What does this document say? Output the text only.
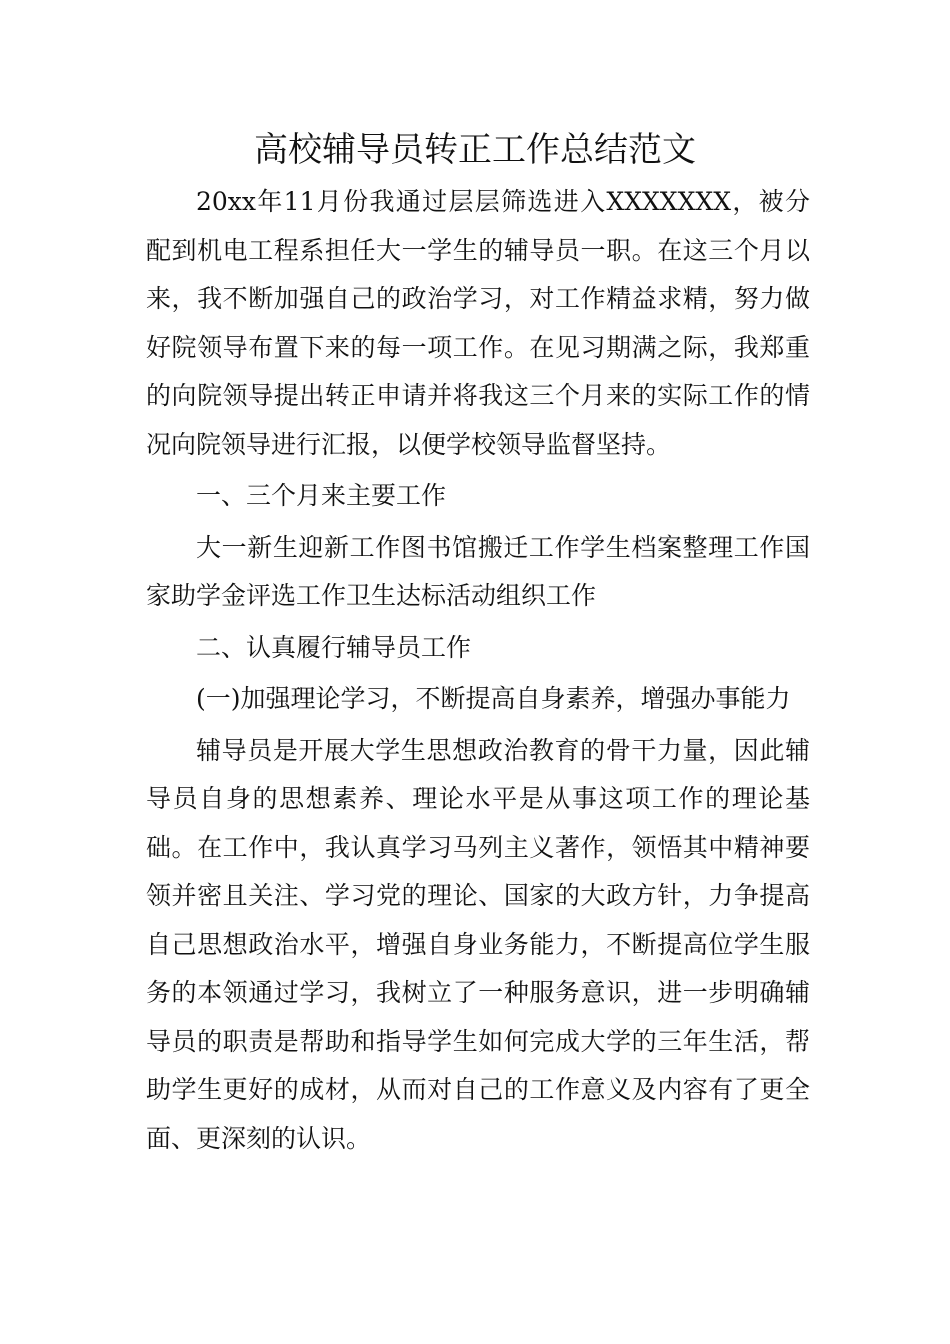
高校辅导员转正工作总结范文

20xx年11月份我通过层层筛选进入XXXXXXX，被分配到机电工程系担任大一学生的辅导员一职。在这三个月以来，我不断加强自己的政治学习，对工作精益求精，努力做好院领导布置下来的每一项工作。在见习期满之际，我郑重的向院领导提出转正申请并将我这三个月来的实际工作的情况向院领导进行汇报，以便学校领导监督坚持。

一、三个月来主要工作

大一新生迎新工作图书馆搬迁工作学生档案整理工作国家助学金评选工作卫生达标活动组织工作

二、认真履行辅导员工作

(一)加强理论学习，不断提高自身素养，增强办事能力

辅导员是开展大学生思想政治教育的骨干力量，因此辅导员自身的思想素养、理论水平是从事这项工作的理论基础。在工作中，我认真学习马列主义著作，领悟其中精神要领并密且关注、学习党的理论、国家的大政方针，力争提高自己思想政治水平，增强自身业务能力，不断提高位学生服务的本领通过学习，我树立了一种服务意识，进一步明确辅导员的职责是帮助和指导学生如何完成大学的三年生活，帮助学生更好的成材，从而对自己的工作意义及内容有了更全面、更深刻的认识。
